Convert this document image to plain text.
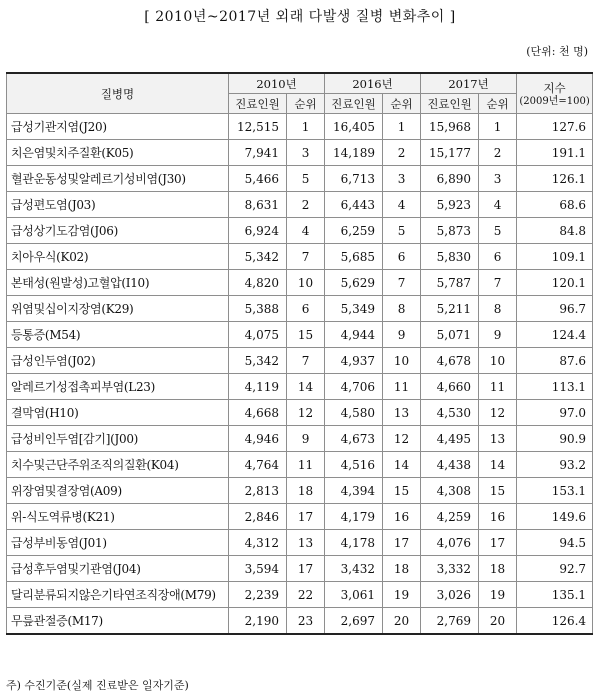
[ 2010년~2017년 외래 다발생 질병 변화추이 ]
(단위: 천 명)
질병명	2010년		2016년		2017년		지수
(2009년=100)

	진료인원	순위	진료인원	순위	진료인원	순위	
급성기관지염(J20)	12,515	1	16,405	1	15,968	1	127.6
치은염및치주질환(K05)	7,941	3	14,189	2	15,177	2	191.1
혈관운동성및알레르기성비염(J30)	5,466	5	6,713	3	6,890	3	126.1
급성편도염(J03)	8,631	2	6,443	4	5,923	4	68.6
급성상기도감염(J06)	6,924	4	6,259	5	5,873	5	84.8
치아우식(K02)	5,342	7	5,685	6	5,830	6	109.1
본태성(원발성)고혈압(I10)	4,820	10	5,629	7	5,787	7	120.1
위염및십이지장염(K29)	5,388	6	5,349	8	5,211	8	96.7
등통증(M54)	4,075	15	4,944	9	5,071	9	124.4
급성인두염(J02)	5,342	7	4,937	10	4,678	10	87.6
알레르기성접촉피부염(L23)	4,119	14	4,706	11	4,660	11	113.1
결막염(H10)	4,668	12	4,580	13	4,530	12	97.0
급성비인두염[감기](J00)	4,946	9	4,673	12	4,495	13	90.9
치수및근단주위조직의질환(K04)	4,764	11	4,516	14	4,438	14	93.2
위장염및결장염(A09)	2,813	18	4,394	15	4,308	15	153.1
위-식도역류병(K21)	2,846	17	4,179	16	4,259	16	149.6
급성부비동염(J01)	4,312	13	4,178	17	4,076	17	94.5
급성후두염및기관염(J04)	3,594	17	3,432	18	3,332	18	92.7
달리분류되지않은기타연조직장애(M79)	2,239	22	3,061	19	3,026	19	135.1
무릎관절증(M17)	2,190	23	2,697	20	2,769	20	126.4
주) 수진기준(실제 진료받은 일자기준)
